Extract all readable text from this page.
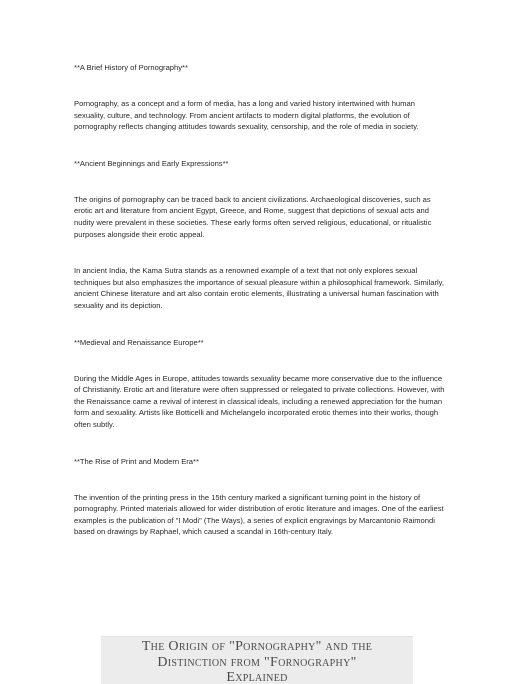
**A Brief History of Pornography**

Pornography, as a concept and a form of media, has a long and varied history intertwined with human sexuality, culture, and technology. From ancient artifacts to modern digital platforms, the evolution of pornography reflects changing attitudes towards sexuality, censorship, and the role of media in society.

**Ancient Beginnings and Early Expressions**

The origins of pornography can be traced back to ancient civilizations. Archaeological discoveries, such as erotic art and literature from ancient Egypt, Greece, and Rome, suggest that depictions of sexual acts and nudity were prevalent in these societies. These early forms often served religious, educational, or ritualistic purposes alongside their erotic appeal.

In ancient India, the Kama Sutra stands as a renowned example of a text that not only explores sexual techniques but also emphasizes the importance of sexual pleasure within a philosophical framework. Similarly, ancient Chinese literature and art also contain erotic elements, illustrating a universal human fascination with sexuality and its depiction.

**Medieval and Renaissance Europe**

During the Middle Ages in Europe, attitudes towards sexuality became more conservative due to the influence of Christianity. Erotic art and literature were often suppressed or relegated to private collections. However, with the Renaissance came a revival of interest in classical ideals, including a renewed appreciation for the human form and sexuality. Artists like Botticelli and Michelangelo incorporated erotic themes into their works, though often subtly.

**The Rise of Print and Modern Era**

The invention of the printing press in the 15th century marked a significant turning point in the history of pornography. Printed materials allowed for wider distribution of erotic literature and images. One of the earliest examples is the publication of "I Modi" (The Ways), a series of explicit engravings by Marcantonio Raimondi based on drawings by Raphael, which caused a scandal in 16th-century Italy.

The Origin of "Pornography" and the

Distinction from "Fornography"

Explained
